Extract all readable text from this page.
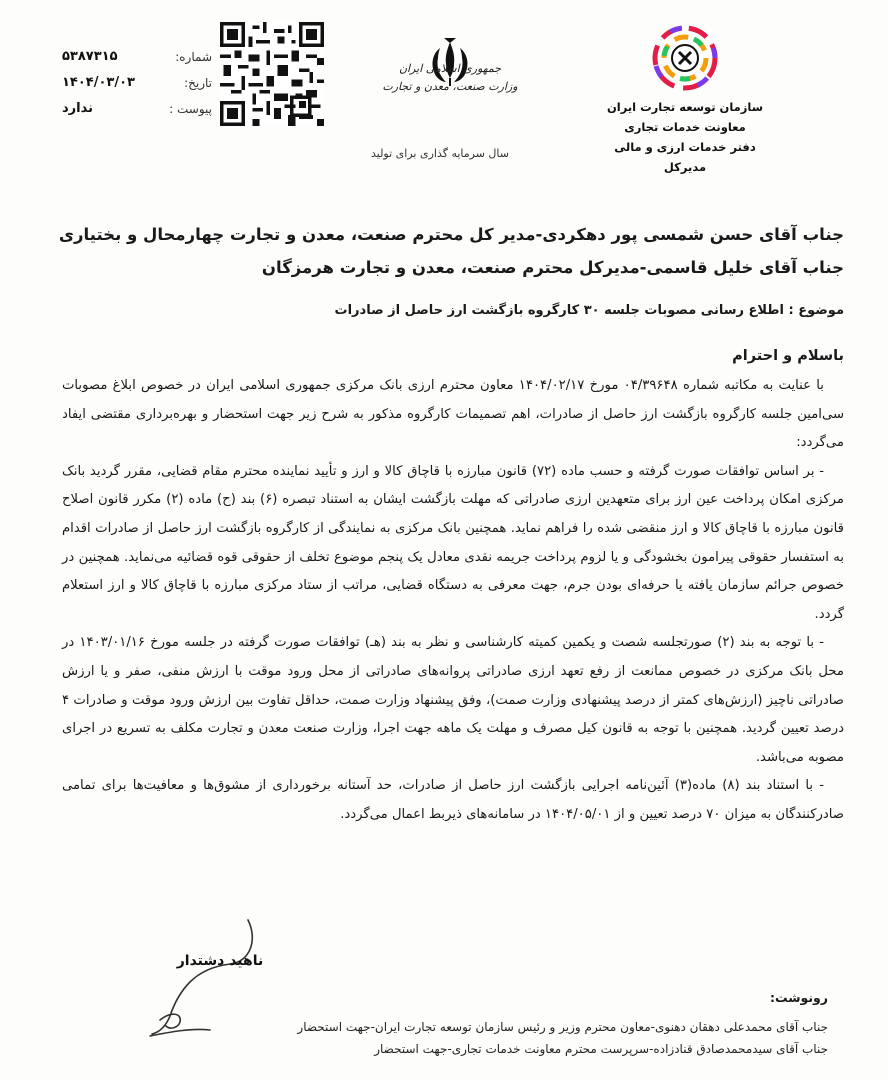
شماره:
۵۳۸۷۳۱۵
تاریخ:
۱۴۰۴/۰۳/۰۳
پیوست :
ندارد
جمهوری اسلامی ایران
وزارت صنعت، معدن و تجارت
سال سرمایه گذاری برای تولید
سازمان توسعه تجارت ایران
معاونت خدمات تجاری
دفتر خدمات ارزی و مالی
مدیرکل
جناب آقای حسن شمسی پور دهکردی-مدیر کل محترم صنعت، معدن و تجارت چهارمحال و بختیاری
جناب آقای خلیل قاسمی-مدیرکل محترم صنعت، معدن و تجارت هرمزگان
موضوع : اطلاع رسانی مصوبات جلسه ۳۰ کارگروه بازگشت ارز حاصل از صادرات
باسلام و احترام

با عنایت به مکاتبه شماره ۰۴/۳۹۶۴۸ مورخ ۱۴۰۴/۰۲/۱۷ معاون محترم ارزی بانک مرکزی جمهوری اسلامی ایران در خصوص ابلاغ مصوبات سی‌امین جلسه کارگروه بازگشت ارز حاصل از صادرات، اهم تصمیمات کارگروه مذکور به شرح زیر جهت استحضار و بهره‌برداری مقتضی ایفاد می‌گردد:

- بر اساس توافقات صورت گرفته و حسب ماده (۷۲) قانون مبارزه با قاچاق کالا و ارز و تأیید نماینده محترم مقام قضایی، مقرر گردید بانک مرکزی امکان پرداخت عین ارز برای متعهدین ارزی صادراتی که مهلت بازگشت ایشان به استناد تبصره (۶) بند (ح) ماده (۲) مکرر قانون اصلاح قانون مبارزه با قاچاق کالا و ارز منقضی شده را فراهم نماید. همچنین بانک مرکزی به نمایندگی از کارگروه بازگشت ارز حاصل از صادرات اقدام به استفسار حقوقی پیرامون بخشودگی و یا لزوم پرداخت جریمه نقدی معادل یک پنجم موضوع تخلف از حقوقی قوه قضائیه می‌نماید. همچنین در خصوص جرائم سازمان یافته یا حرفه‌ای بودن جرم، جهت معرفی به دستگاه قضایی، مراتب از ستاد مرکزی مبارزه با قاچاق کالا و ارز استعلام گردد.

- با توجه به بند (۲) صورتجلسه شصت و یکمین کمیته کارشناسی و نظر به بند (هـ) توافقات صورت گرفته در جلسه مورخ ۱۴۰۳/۰۱/۱۶ در محل بانک مرکزی در خصوص ممانعت از رفع تعهد ارزی صادراتی پروانه‌های صادراتی از محل ورود موقت با ارزش منفی، صفر و یا ارزش صادراتی ناچیز (ارزش‌های کمتر از درصد پیشنهادی وزارت صمت)، وفق پیشنهاد وزارت صمت، حداقل تفاوت بین ارزش ورود موقت و صادرات ۴ درصد تعیین گردید. همچنین با توجه به قانون کیل مصرف و مهلت یک ماهه جهت اجرا، وزارت صنعت معدن و تجارت مکلف به تسریع در اجرای مصوبه می‌باشد.

- با استناد بند (۸) ماده(۳) آئین‌نامه اجرایی بازگشت ارز حاصل از صادرات، حد آستانه برخورداری از مشوق‌ها و معافیت‌ها برای تمامی صادرکنندگان به میزان ۷۰ درصد تعیین و از ۱۴۰۴/۰۵/۰۱ در سامانه‌های ذیربط اعمال می‌گردد.

ناهید دشتدار
رونوشت:
جناب آقای محمدعلی دهقان دهنوی-معاون محترم وزیر و رئیس سازمان توسعه تجارت ایران-جهت استحضار
جناب آقای سیدمحمدصادق قنادزاده-سرپرست محترم معاونت خدمات تجاری-جهت استحضار
